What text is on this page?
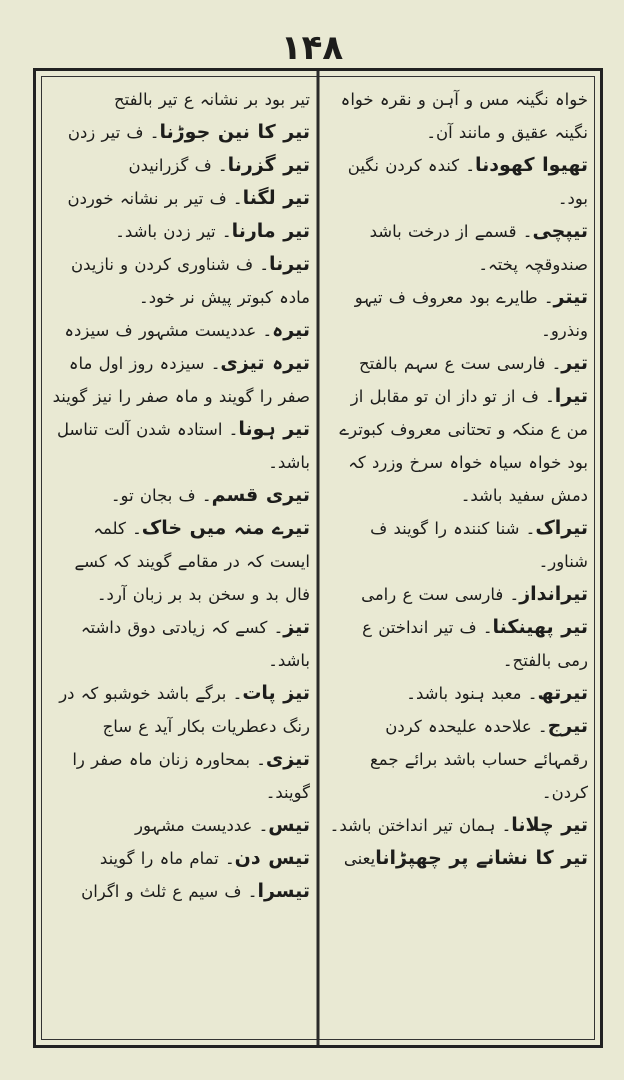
۱۴۸

خواہ نگینہ مس و آہن و نقرہ خواہ نگینہ عقیق و مانند آن۔

تھیوا کھودنا۔ کندہ کردن نگین بود۔

تیپچی۔ قسمے از درخت باشد صندوقچہ پختہ۔

تیتر۔ طایرے بود معروف ف تیہو ونذرو۔

تیر۔ فارسی ست ع سہم بالفتح

تیرا۔ ف از تو داز ان تو مقابل از من ع منکہ و تحتانی معروف کبوترے بود خواہ سیاہ خواہ سرخ وزرد کہ دمش سفید باشد۔

تیراک۔ شنا کنندہ را گویند ف شناور۔

تیرانداز۔ فارسی ست ع رامی

تیر پھینکنا۔ ف تیر انداختن ع رمی بالفتح۔

تیرتھ۔ معبد ہنود باشد۔

تیرج۔ علاحدہ علیحدہ کردن رقمہائے حساب باشد برائے جمع کردن۔

تیر چلانا۔ ہمان تیر انداختن باشد۔

تیر کا نشانے پر چھپڑانایعنی

تیر بود بر نشانہ ع تیر بالفتح

تیر کا نین جوڑنا۔ ف تیر زدن

تیر گزرنا۔ ف گزرانیدن

تیر لگنا۔ ف تیر بر نشانہ خوردن

تیر مارنا۔ تیر زدن باشد۔

تیرنا۔ ف شناوری کردن و نازیدن مادہ کبوتر پیش نر خود۔

تیرہ۔ عددیست مشہور ف سیزدہ

تیرہ تیزی۔ سیزدہ روز اول ماہ صفر را گویند و ماہ صفر را نیز گویند

تیر ہونا۔ استادہ شدن آلت تناسل باشد۔

تیری قسم۔ ف بجان تو۔

تیرے منہ میں خاک۔ کلمہ ایست کہ در مقامے گویند کہ کسے فال بد و سخن بد بر زبان آرد۔

تیز۔ کسے کہ زیادتی دوق داشتہ باشد۔

تیز پات۔ برگے باشد خوشبو کہ در رنگ دعطریات بکار آید ع ساج

تیزی۔ بمحاورہ زنان ماہ صفر را گویند۔

تیس۔ عددیست مشہور

تیس دن۔ تمام ماہ را گویند

تیسرا۔ ف سیم ع ثلث و اگران
